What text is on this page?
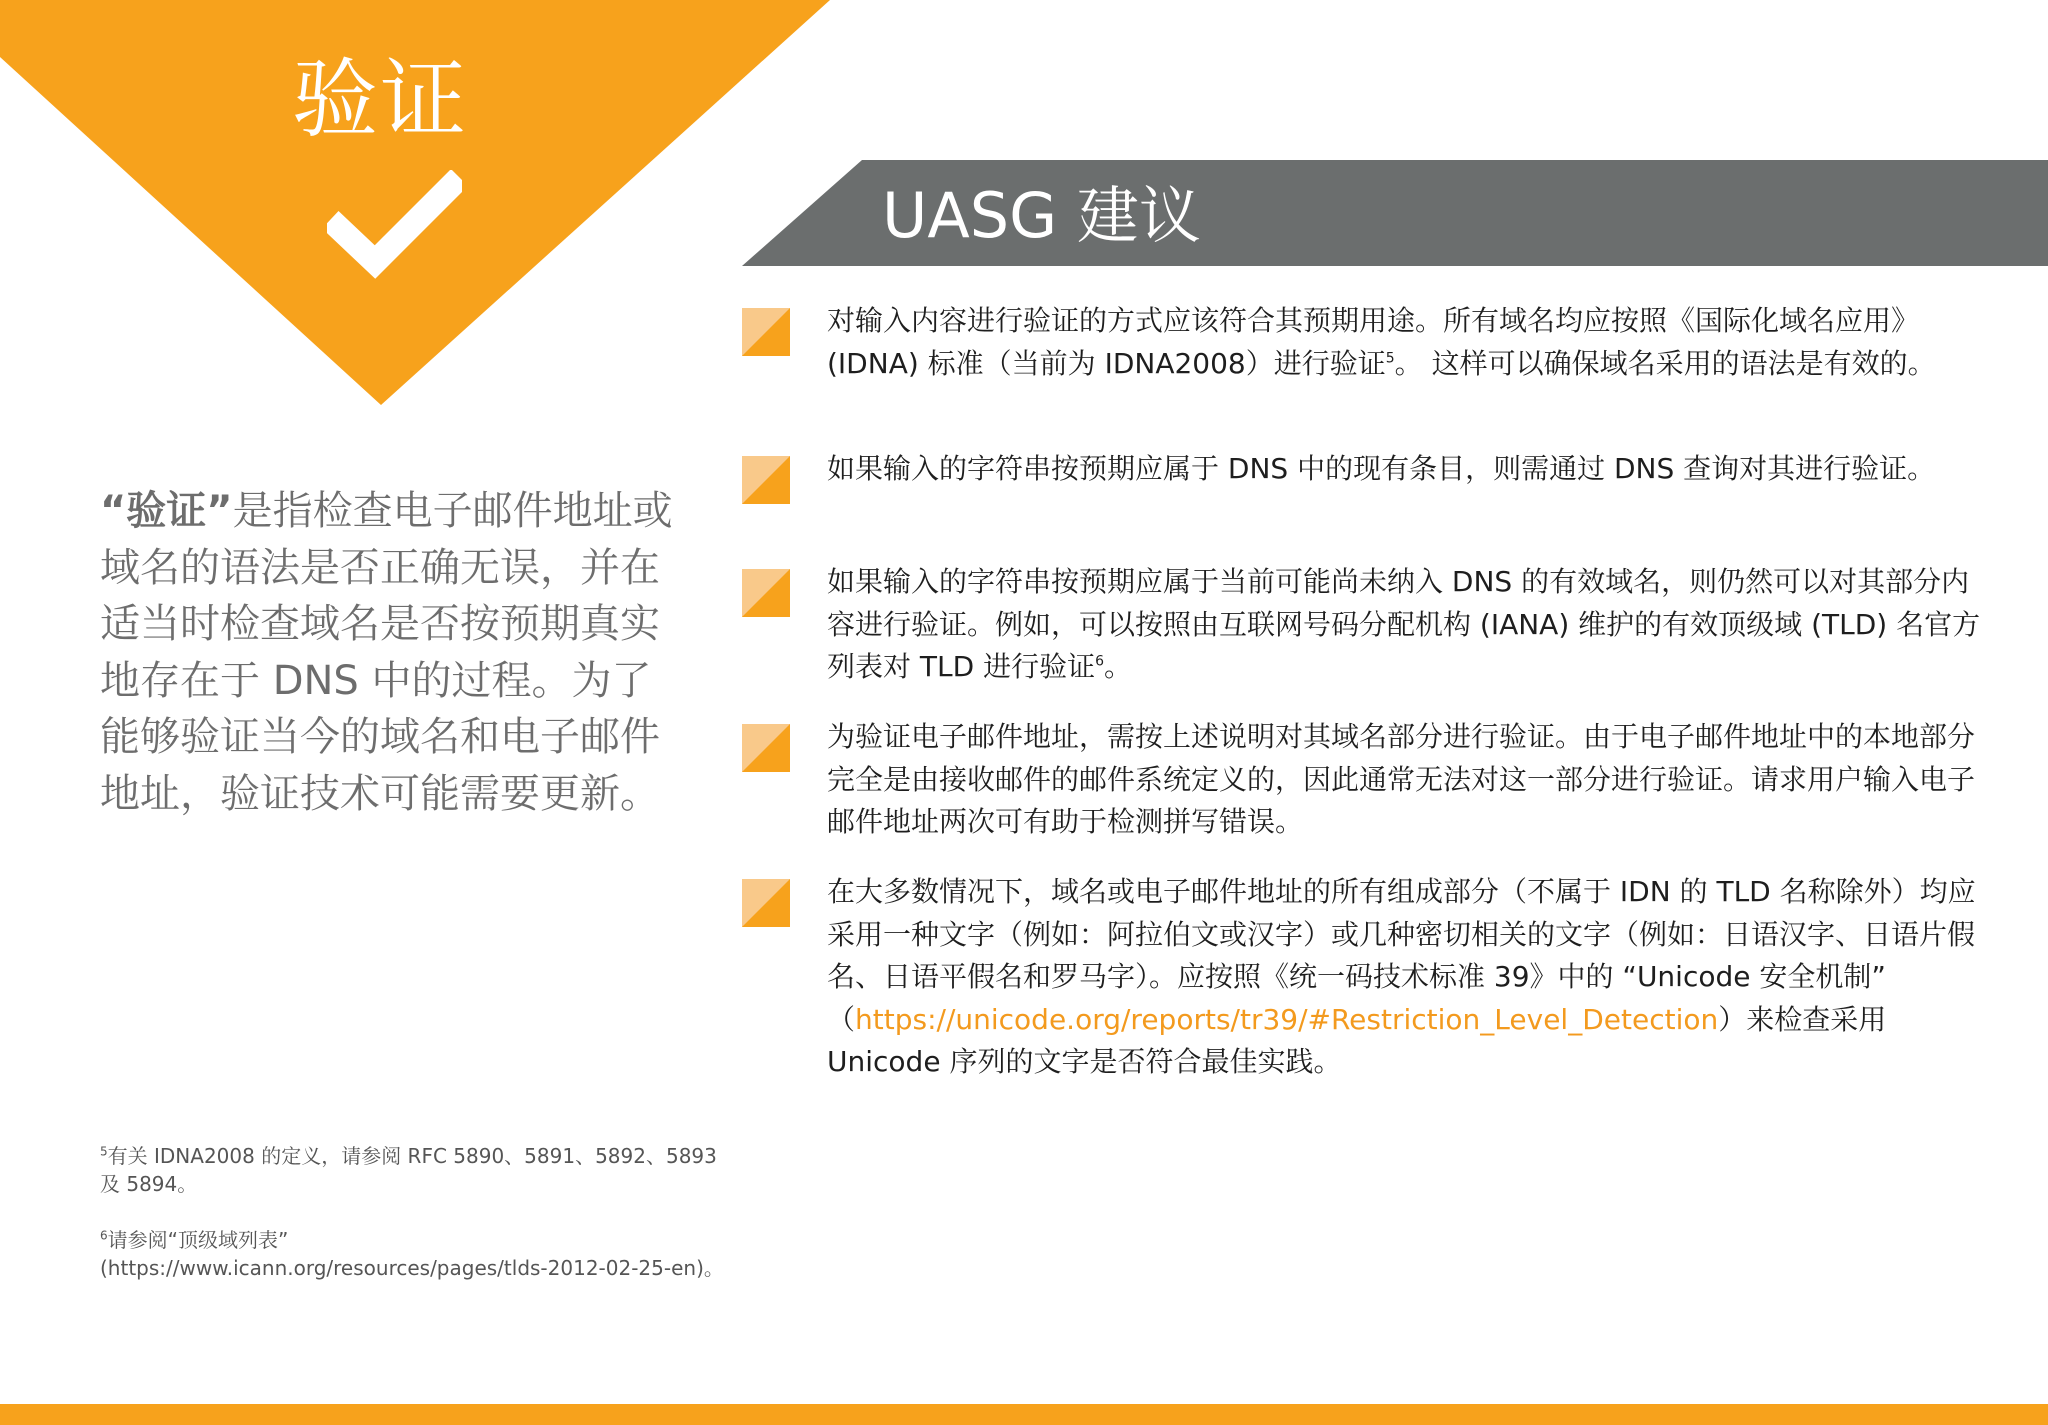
验证
UASG 建议
“验证”是指检查电子邮件地址或域名的语法是否正确无误，并在适当时检查域名是否按预期真实地存在于 DNS 中的过程。为了能够验证当今的域名和电子邮件地址，验证技术可能需要更新。
对输入内容进行验证的方式应该符合其预期用途。所有域名均应按照《国际化域名应用》(IDNA) 标准（当前为 IDNA2008）进行验证$^5$。 这样可以确保域名采用的语法是有效的。
如果输入的字符串按预期应属于 DNS 中的现有条目，则需通过 DNS 查询对其进行验证。
如果输入的字符串按预期应属于当前可能尚未纳入 DNS 的有效域名，则仍然可以对其部分内容进行验证。例如，可以按照由互联网号码分配机构 (IANA) 维护的有效顶级域 (TLD) 名官方列表对 TLD 进行验证$^6$。
为验证电子邮件地址，需按上述说明对其域名部分进行验证。由于电子邮件地址中的本地部分完全是由接收邮件的邮件系统定义的，因此通常无法对这一部分进行验证。请求用户输入电子邮件地址两次可有助于检测拼写错误。
在大多数情况下，域名或电子邮件地址的所有组成部分（不属于 IDN 的 TLD 名称除外）均应采用一种文字（例如：阿拉伯文或汉字）或几种密切相关的文字（例如：日语汉字、日语片假名、日语平假名和罗马字）。应按照《统一码技术标准 39》中的 “Unicode 安全机制” （https://unicode.org/reports/tr39/#Restriction_Level_Detection）来检查采用 Unicode 序列的文字是否符合最佳实践。
$^5$有关 IDNA2008 的定义，请参阅 RFC 5890、5891、5892、5893 及 5894。
$^6$请参阅“顶级域列表” (https://www.icann.org/resources/pages/tlds-2012-02-25-en)。
